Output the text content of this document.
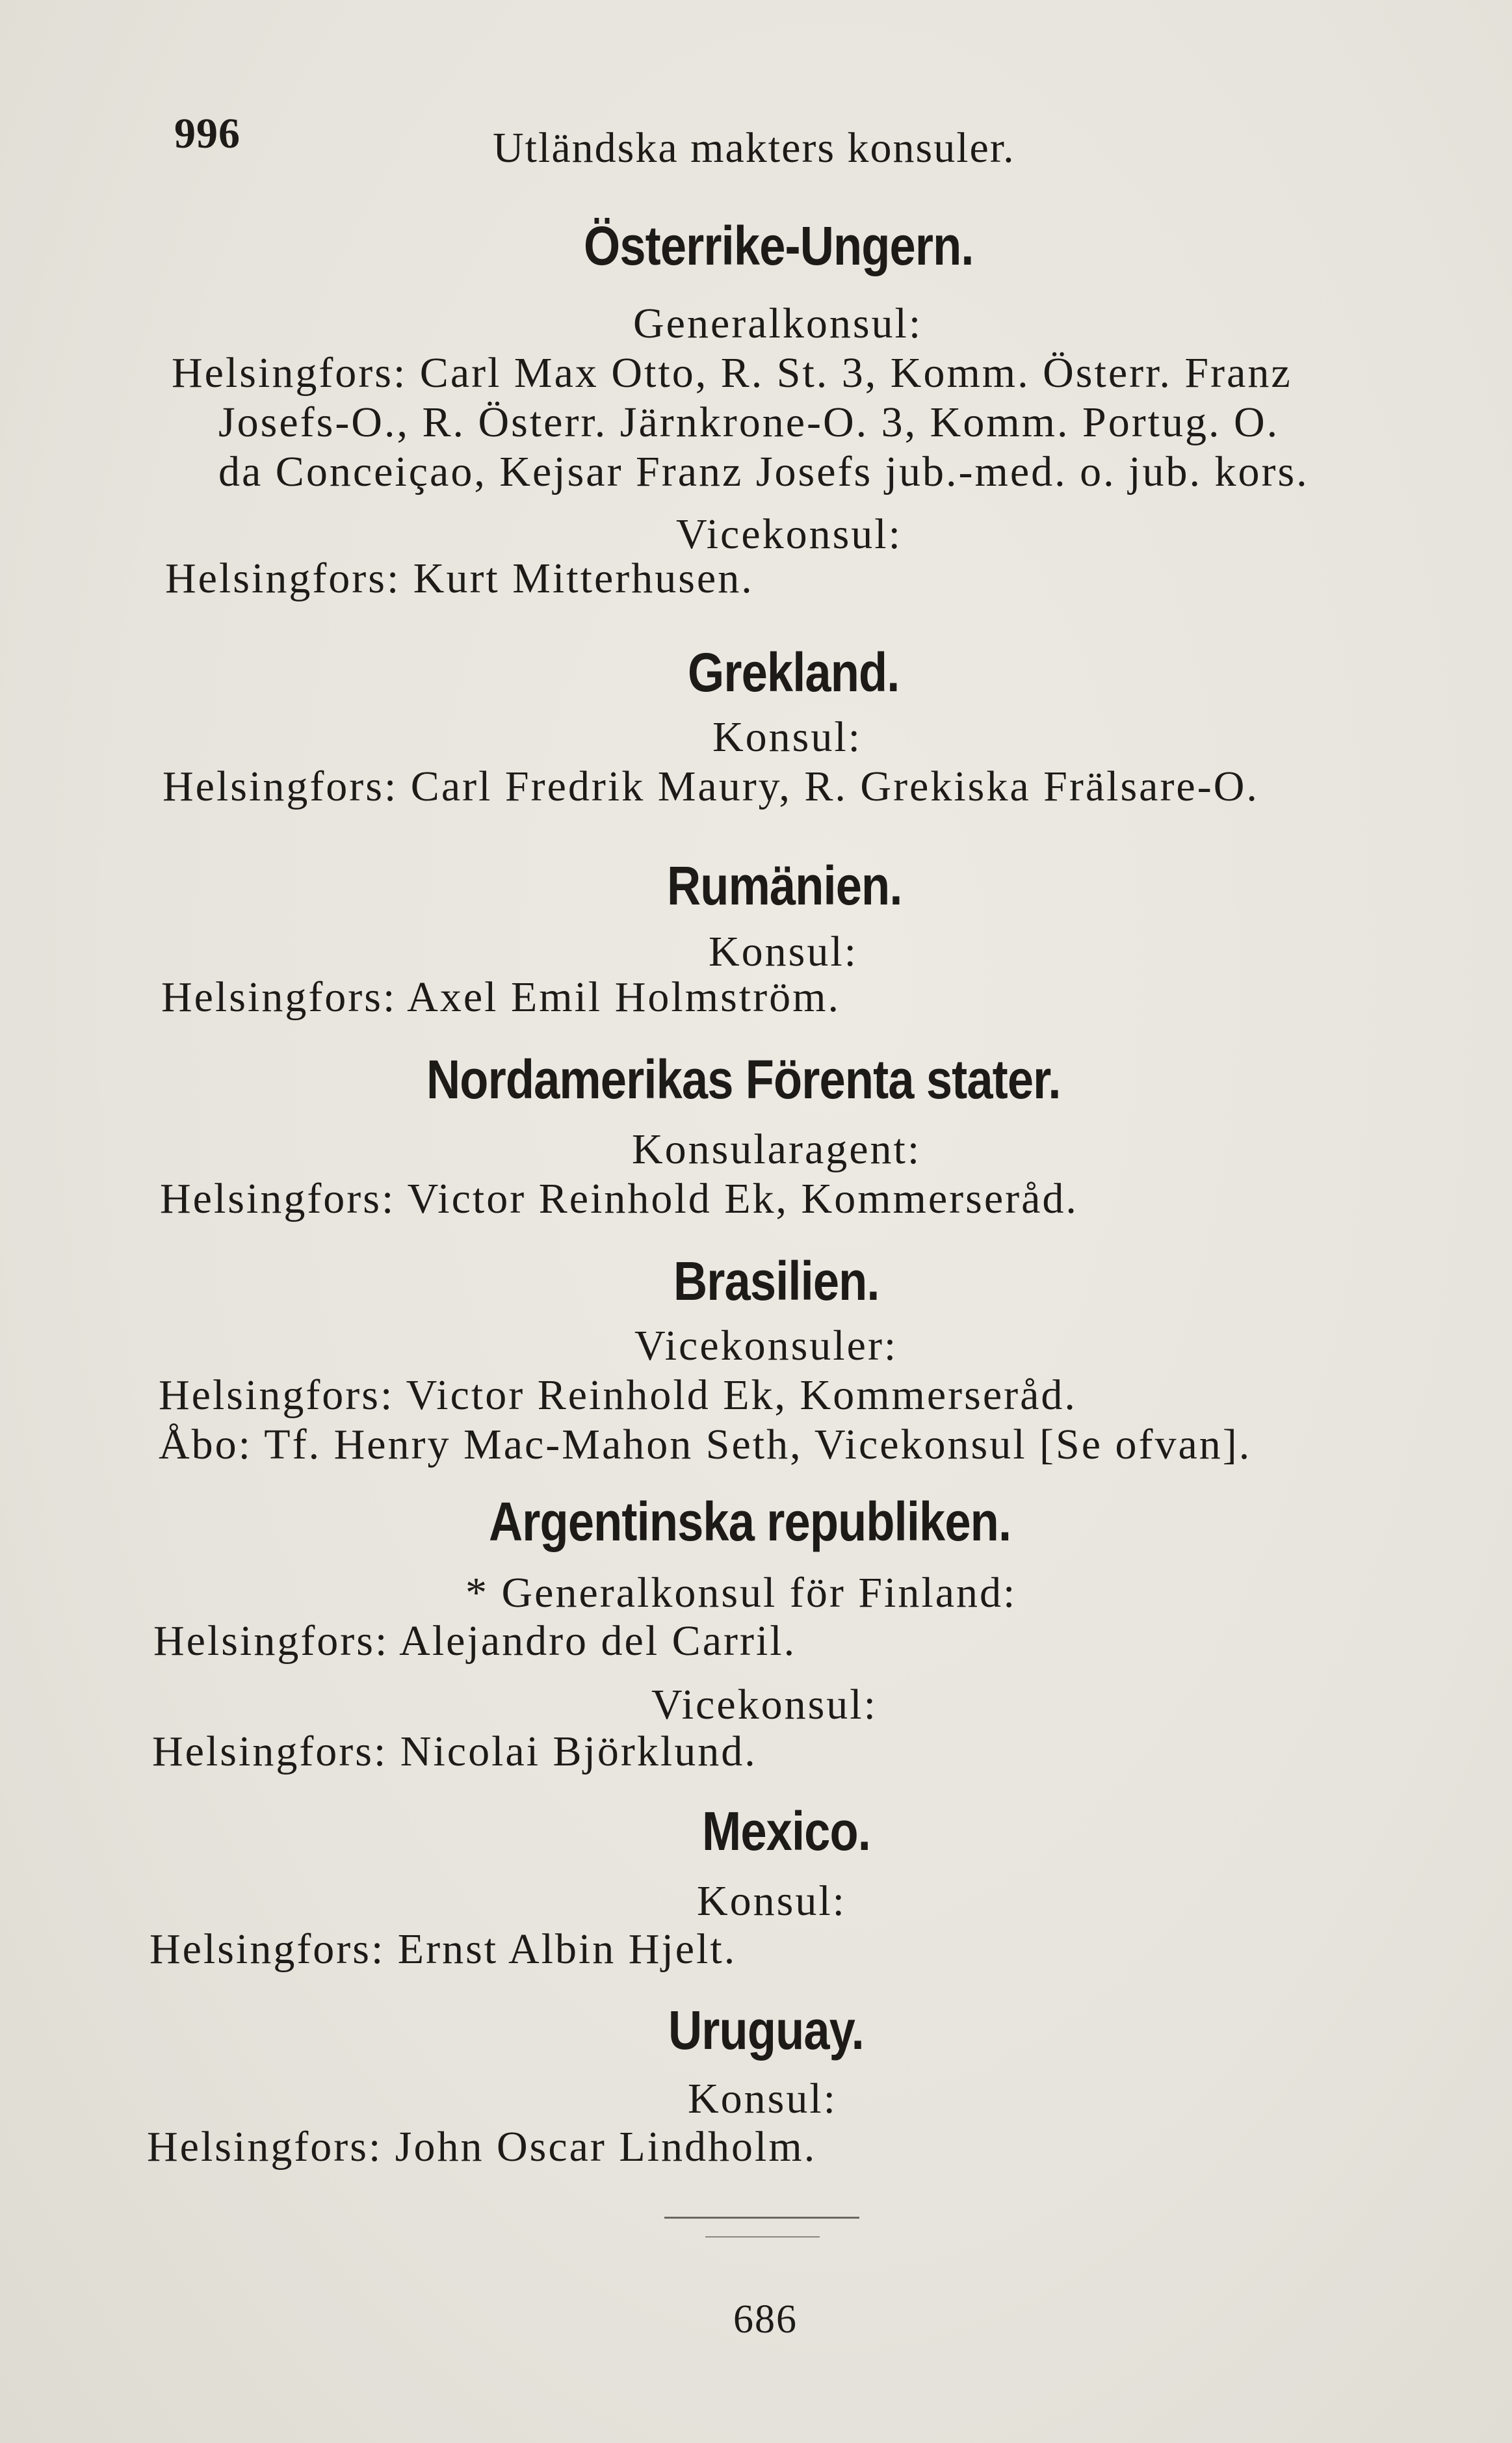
996	Utländska makters konsuler.
Österrike-Ungern.
Generalkonsul:
Helsingfors: Carl Max Otto, R. St. 3, Komm. Österr. Franz
Josefs-O., R. Österr. Järnkrone-O. 3, Komm. Portug. O.
da Conceiçao, Kejsar Franz Josefs jub.-med. o. jub. kors.
Vicekonsul:
Helsingfors: Kurt Mitterhusen.
Grekland.
Konsul:
Helsingfors: Carl Fredrik Maury, R. Grekiska Frälsare-O.
Rumänien.
Konsul:
Helsingfors: Axel Emil Holmström.
Nordamerikas Förenta stater.
Konsularagent:
Helsingfors: Victor Reinhold Ek, Kommerseråd.
Brasilien.
Vicekonsuler:
Helsingfors: Victor Reinhold Ek, Kommerseråd.
Åbo: Tf. Henry Mac-Mahon Seth, Vicekonsul [Se ofvan].
Argentinska republiken.
* Generalkonsul för Finland:
Helsingfors: Alejandro del Carril.
Vicekonsul:
Helsingfors: Nicolai Björklund.
Mexico.
Konsul:
Helsingfors: Ernst Albin Hjelt.
Uruguay.
Konsul:
Helsingfors: John Oscar Lindholm.
686
